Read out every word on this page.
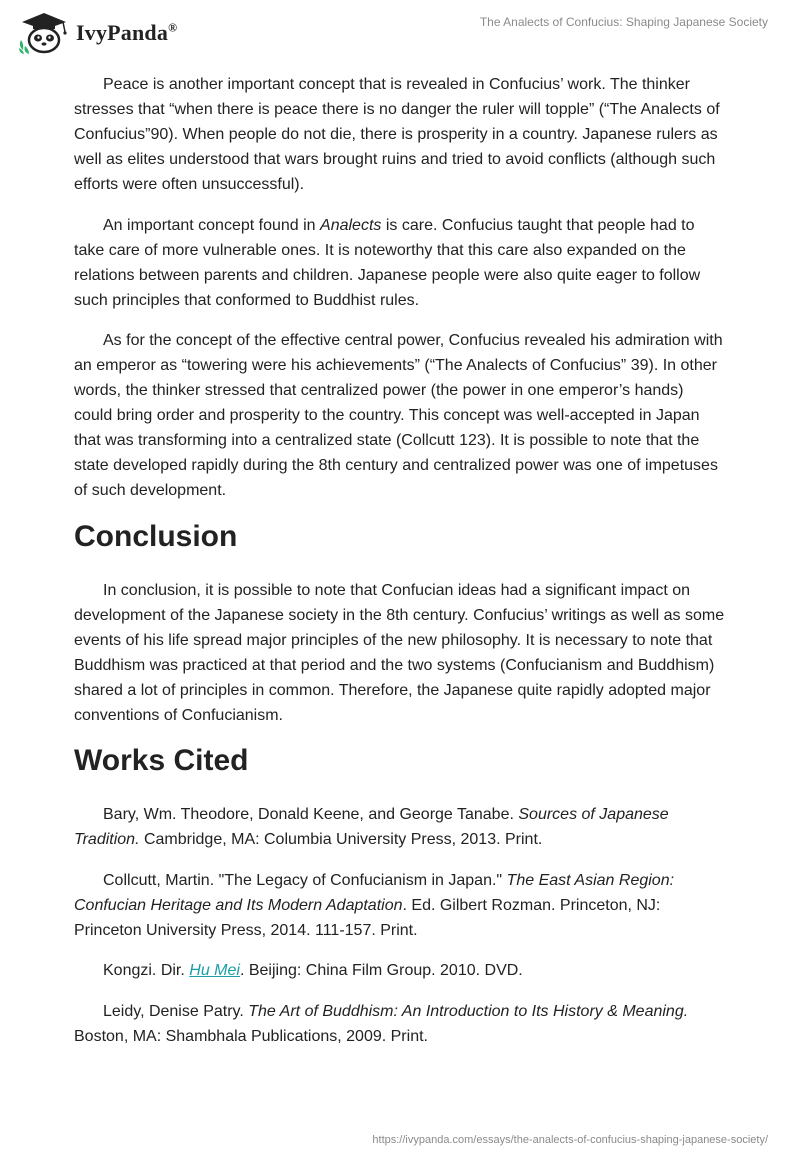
IvyPanda®	The Analects of Confucius: Shaping Japanese Society

Peace is another important concept that is revealed in Confucius’ work. The thinker stresses that “when there is peace there is no danger the ruler will topple” (“The Analects of Confucius”90). When people do not die, there is prosperity in a country. Japanese rulers as well as elites understood that wars brought ruins and tried to avoid conflicts (although such efforts were often unsuccessful).

An important concept found in Analects is care. Confucius taught that people had to take care of more vulnerable ones. It is noteworthy that this care also expanded on the relations between parents and children. Japanese people were also quite eager to follow such principles that conformed to Buddhist rules.

As for the concept of the effective central power, Confucius revealed his admiration with an emperor as “towering were his achievements” (“The Analects of Confucius” 39). In other words, the thinker stressed that centralized power (the power in one emperor’s hands) could bring order and prosperity to the country. This concept was well-accepted in Japan that was transforming into a centralized state (Collcutt 123). It is possible to note that the state developed rapidly during the 8th century and centralized power was one of impetuses of such development.

Conclusion

In conclusion, it is possible to note that Confucian ideas had a significant impact on development of the Japanese society in the 8th century. Confucius’ writings as well as some events of his life spread major principles of the new philosophy. It is necessary to note that Buddhism was practiced at that period and the two systems (Confucianism and Buddhism) shared a lot of principles in common. Therefore, the Japanese quite rapidly adopted major conventions of Confucianism.

Works Cited

Bary, Wm. Theodore, Donald Keene, and George Tanabe. Sources of Japanese Tradition. Cambridge, MA: Columbia University Press, 2013. Print.

Collcutt, Martin. "The Legacy of Confucianism in Japan." The East Asian Region: Confucian Heritage and Its Modern Adaptation. Ed. Gilbert Rozman. Princeton, NJ: Princeton University Press, 2014. 111-157. Print.

Kongzi. Dir. Hu Mei. Beijing: China Film Group. 2010. DVD.

Leidy, Denise Patry. The Art of Buddhism: An Introduction to Its History & Meaning. Boston, MA: Shambhala Publications, 2009. Print.

https://ivypanda.com/essays/the-analects-of-confucius-shaping-japanese-society/
